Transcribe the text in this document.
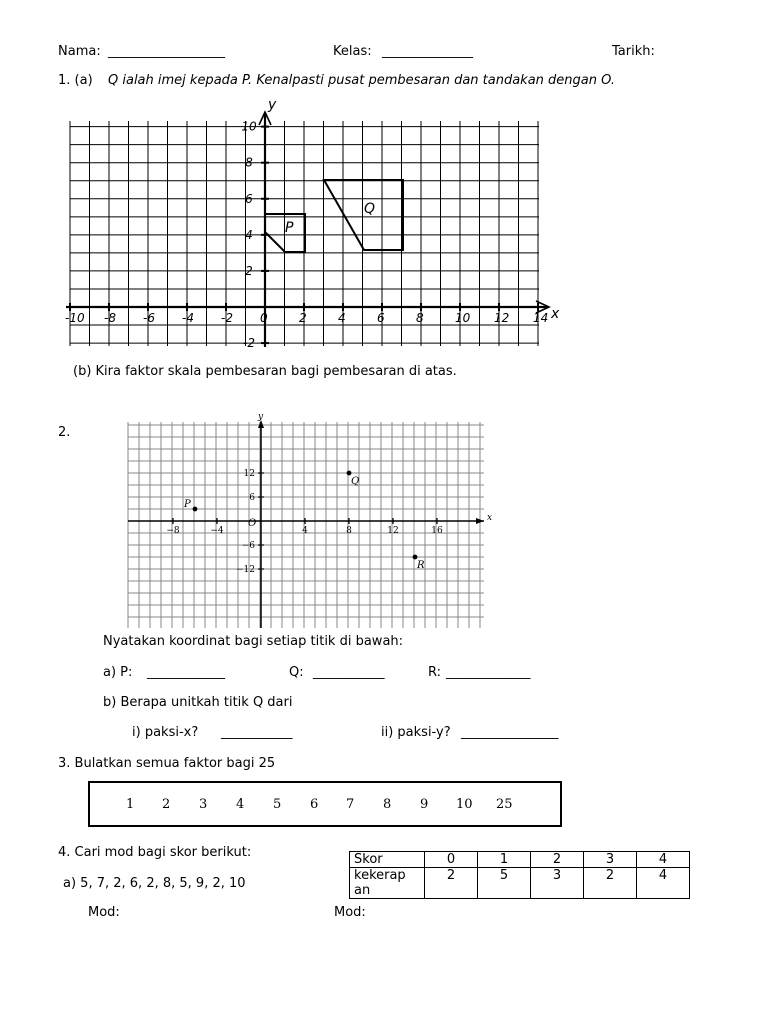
Nama: __________________	Kelas: ______________	Tarikh:
1. (a) Q ialah imej kepada P. Kenalpasti pusat pembesaran dan tandakan dengan O.
x
y
-10 -8 -6 -4 -2 0	2	4	6	8	10 12 14
10
8
6
4
2
-2
P
Q
(b) Kira faktor skala pembesaran bagi pembesaran di atas.
2.
x
y
O
−8	−4	4	8	12	16
12
6
−6
−12
P
Q
R
Nyatakan koordinat bagi setiap titik di bawah:
a) P: ____________	Q: ___________	R: _____________
b) Berapa unitkah titik Q dari
i) paksi-x? ___________	ii) paksi-y? _______________
3. Bulatkan semua faktor bagi 25
1 2 3 4 5 6 7 8 9 10 25
4. Cari mod bagi skor berikut:
a) 5, 7, 2, 6, 2, 8, 5, 9, 2, 10
Mod:	Mod:
Skor	0	1	2	3	4
kekerap
an	2	5	3	2	4
